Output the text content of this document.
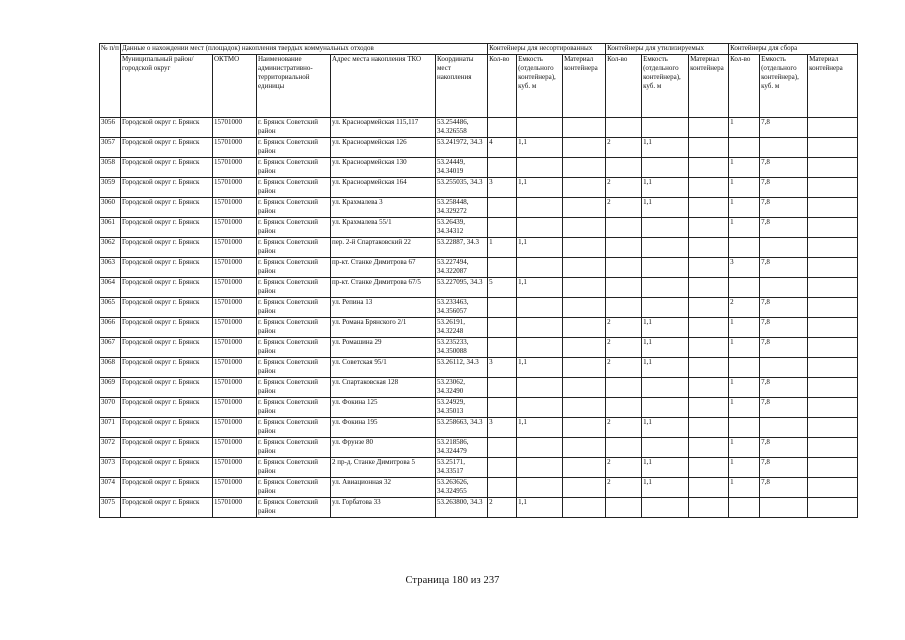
№ п/п	Данные о нахождении мест (площадок) накопления твердых коммунальных отходов					Контейнеры для несортированных			Контейнеры для утилизируемых			Контейнеры для сбора		
	Муниципальный район/городской округ	ОКТМО	Наименование административно-территориальной единицы	Адрес места накопления ТКО	Координаты мест накопления	Кол-во	Емкость (отдельного контейнера), куб. м	Материал контейнера	Кол-во	Емкость (отдельного контейнера), куб. м	Материал контейнера	Кол-во	Емкость (отдельного контейнера), куб. м	Материал контейнера
3056	Городской округ г. Брянск	15701000	г. Брянск Советский район	ул. Красноармейская 115,117	53.254486, 34.326558							1	7,8	
3057	Городской округ г. Брянск	15701000	г. Брянск Советский район	ул. Красноармейская 126	53.241972, 34.3	4	1,1		2	1,1				
3058	Городской округ г. Брянск	15701000	г. Брянск Советский район	ул. Красноармейская 130	53.24449, 34.34019							1	7,8	
3059	Городской округ г. Брянск	15701000	г. Брянск Советский район	ул. Красноармейская 164	53.255035, 34.3	3	1,1		2	1,1		1	7,8	
3060	Городской округ г. Брянск	15701000	г. Брянск Советский район	ул. Крахмалева 3	53.258448, 34.329272				2	1,1		1	7,8	
3061	Городской округ г. Брянск	15701000	г. Брянск Советский район	ул. Крахмалева 55/1	53.26439, 34.34312							1	7,8	
3062	Городской округ г. Брянск	15701000	г. Брянск Советский район	пер. 2-й Спартаковский 22	53.22887, 34.3	1	1,1							
3063	Городской округ г. Брянск	15701000	г. Брянск Советский район	пр-кт. Станке Димитрова 67	53.227494, 34.322087							3	7,8	
3064	Городской округ г. Брянск	15701000	г. Брянск Советский район	пр-кт. Станке Димитрова 67/5	53.227095, 34.3	5	1,1							
3065	Городской округ г. Брянск	15701000	г. Брянск Советский район	ул. Репина 13	53.233463, 34.356057							2	7,8	
3066	Городской округ г. Брянск	15701000	г. Брянск Советский район	ул. Романа Брянского 2/1	53.26191, 34.32248				2	1,1		1	7,8	
3067	Городской округ г. Брянск	15701000	г. Брянск Советский район	ул. Ромашина 29	53.235233, 34.350088				2	1,1		1	7,8	
3068	Городской округ г. Брянск	15701000	г. Брянск Советский район	ул. Советская 95/1	53.26112, 34.3	3	1,1		2	1,1				
3069	Городской округ г. Брянск	15701000	г. Брянск Советский район	ул. Спартаковская 128	53.23062, 34.32490							1	7,8	
3070	Городской округ г. Брянск	15701000	г. Брянск Советский район	ул. Фокина 125	53.24929, 34.35013							1	7,8	
3071	Городской округ г. Брянск	15701000	г. Брянск Советский район	ул. Фокина 195	53.258663, 34.3	3	1,1		2	1,1				
3072	Городской округ г. Брянск	15701000	г. Брянск Советский район	ул. Фрунзе 80	53.218586, 34.324479							1	7,8	
3073	Городской округ г. Брянск	15701000	г. Брянск Советский район	2 пр-д. Станке Димитрова 5	53.25171, 34.33517				2	1,1		1	7,8	
3074	Городской округ г. Брянск	15701000	г. Брянск Советский район	ул. Авиационная 32	53.263626, 34.324955				2	1,1		1	7,8	
3075	Городской округ г. Брянск	15701000	г. Брянск Советский район	ул. Горбатова 33	53.263800, 34.3	2	1,1							
Страница 180 из 237
